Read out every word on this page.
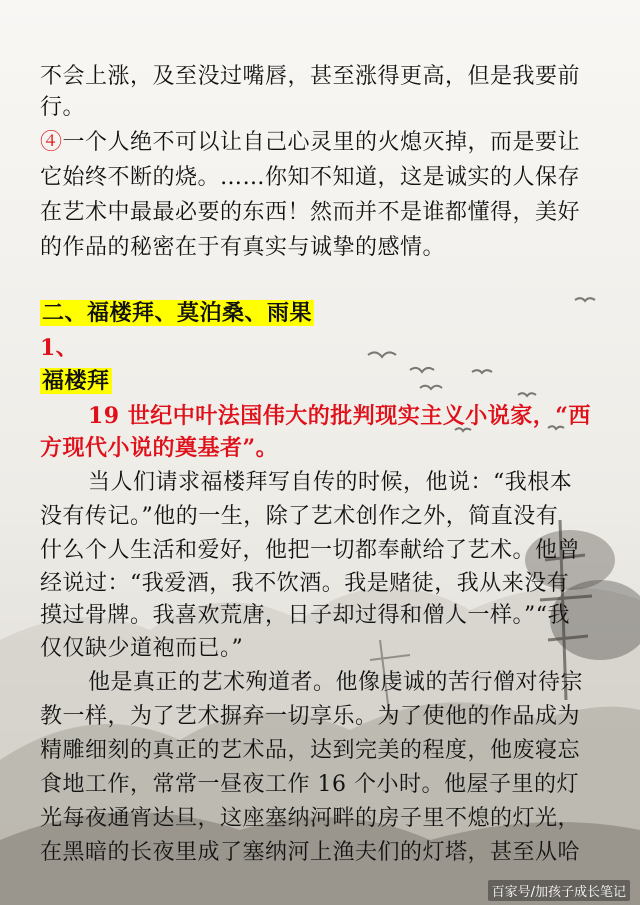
不会上涨，及至没过嘴唇，甚至涨得更高，但是我要前
行。
④一个人绝不可以让自己心灵里的火熄灭掉，而是要让
它始终不断的烧。……你知不知道，这是诚实的人保存
在艺术中最最必要的东西！然而并不是谁都懂得，美好
的作品的秘密在于有真实与诚挚的感情。
二、福楼拜、莫泊桑、雨果
1、
福楼拜
19 世纪中叶法国伟大的批判现实主义小说家，“西
方现代小说的奠基者”。
当人们请求福楼拜写自传的时候，他说：“我根本
没有传记。”他的一生，除了艺术创作之外，简直没有
什么个人生活和爱好，他把一切都奉献给了艺术。他曾
经说过：“我爱酒，我不饮酒。我是赌徒，我从来没有
摸过骨牌。我喜欢荒唐，日子却过得和僧人一样。”“我
仅仅缺少道袍而已。”
他是真正的艺术殉道者。他像虔诚的苦行僧对待宗
教一样，为了艺术摒弃一切享乐。为了使他的作品成为
精雕细刻的真正的艺术品，达到完美的程度，他废寝忘
食地工作，常常一昼夜工作 16 个小时。他屋子里的灯
光每夜通宵达旦，这座塞纳河畔的房子里不熄的灯光，
在黑暗的长夜里成了塞纳河上渔夫们的灯塔，甚至从哈
百家号/加孩子成长笔记
